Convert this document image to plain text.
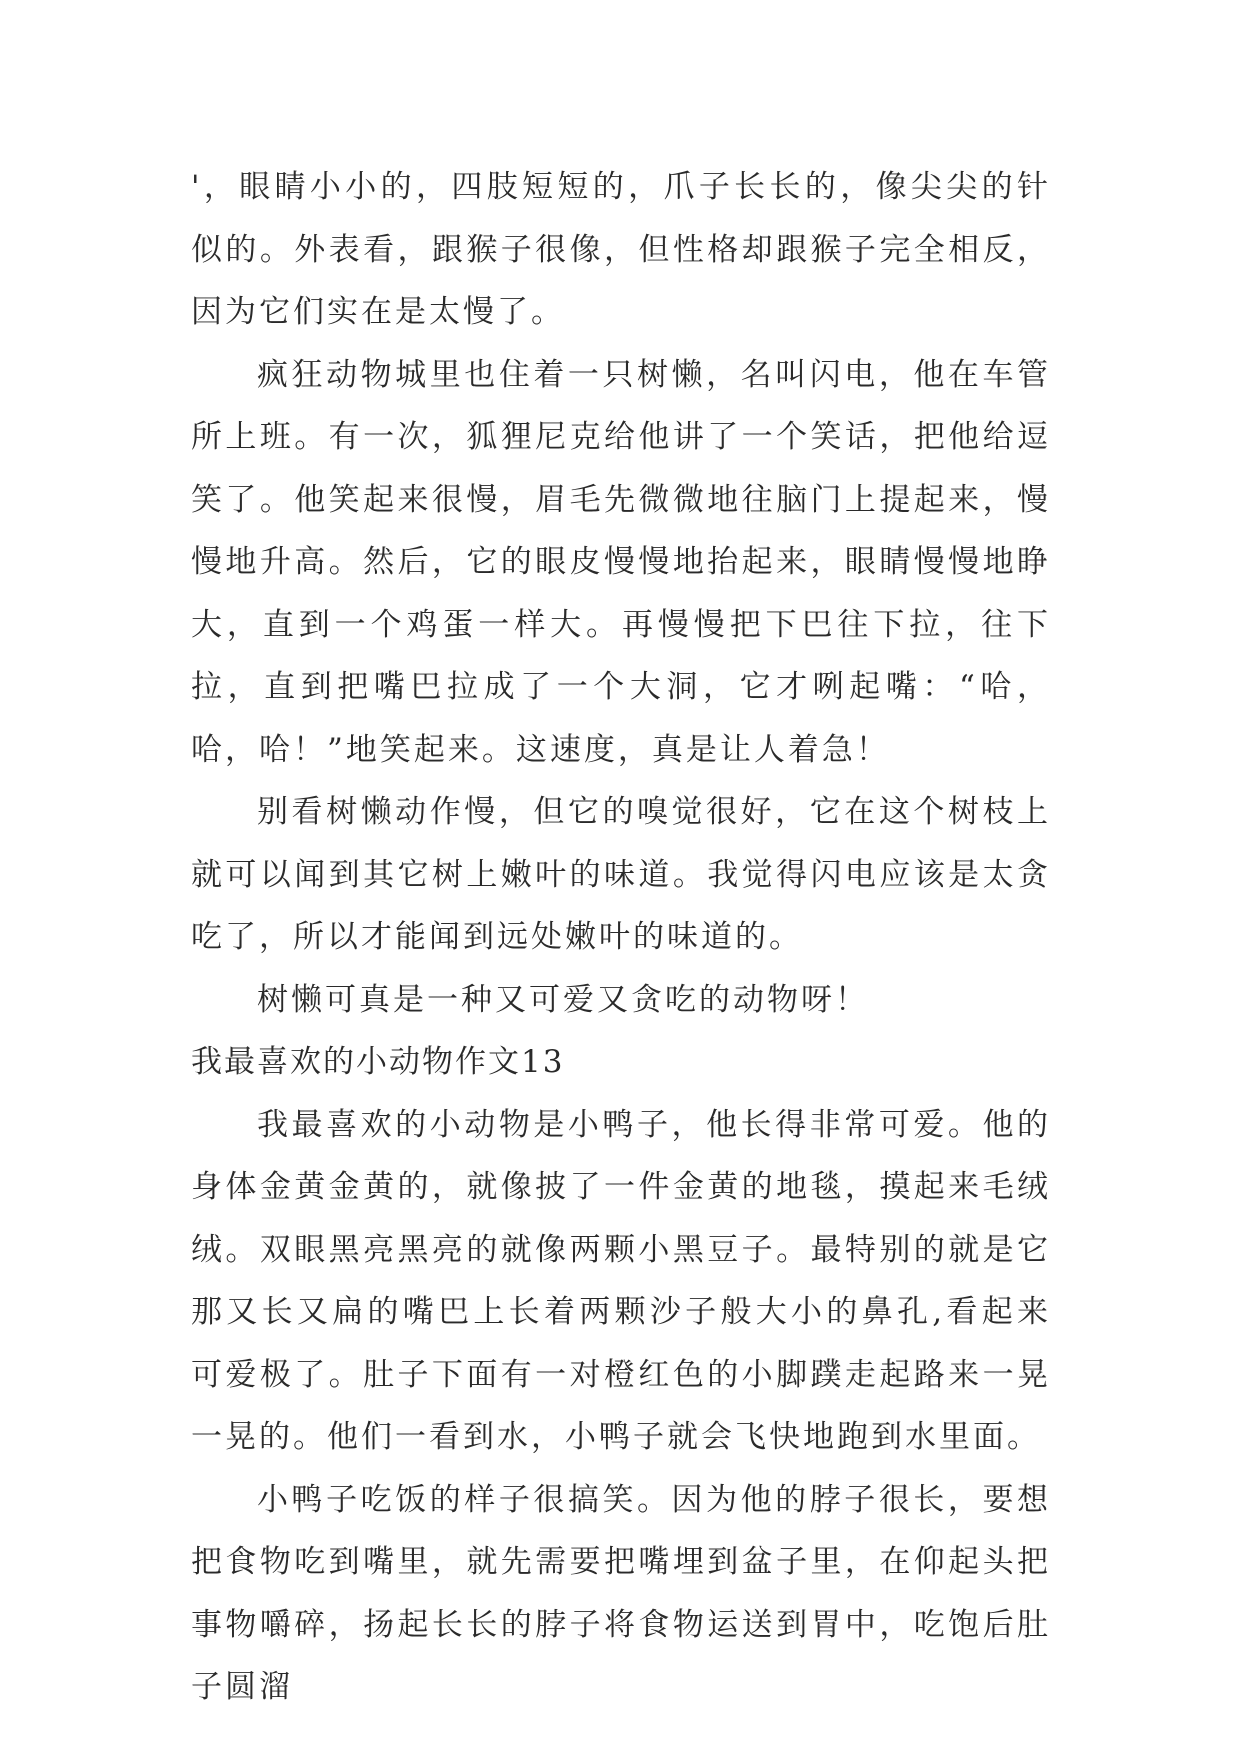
'，眼睛小小的，四肢短短的，爪子长长的，像尖尖的针似的。外表看，跟猴子很像，但性格却跟猴子完全相反，因为它们实在是太慢了。

疯狂动物城里也住着一只树懒，名叫闪电，他在车管所上班。有一次，狐狸尼克给他讲了一个笑话，把他给逗笑了。他笑起来很慢，眉毛先微微地往脑门上提起来，慢慢地升高。然后，它的眼皮慢慢地抬起来，眼睛慢慢地睁大，直到一个鸡蛋一样大。再慢慢把下巴往下拉，往下拉，直到把嘴巴拉成了一个大洞，它才咧起嘴：“哈，哈，哈！”地笑起来。这速度，真是让人着急！

别看树懒动作慢，但它的嗅觉很好，它在这个树枝上就可以闻到其它树上嫩叶的味道。我觉得闪电应该是太贪吃了，所以才能闻到远处嫩叶的味道的。

树懒可真是一种又可爱又贪吃的动物呀！

我最喜欢的小动物作文13

我最喜欢的小动物是小鸭子，他长得非常可爱。他的身体金黄金黄的，就像披了一件金黄的地毯，摸起来毛绒绒。双眼黑亮黑亮的就像两颗小黑豆子。最特别的就是它那又长又扁的嘴巴上长着两颗沙子般大小的鼻孔,看起来可爱极了。肚子下面有一对橙红色的小脚蹼走起路来一晃一晃的。他们一看到水，小鸭子就会飞快地跑到水里面。

小鸭子吃饭的样子很搞笑。因为他的脖子很长，要想把食物吃到嘴里，就先需要把嘴埋到盆子里，在仰起头把事物嚼碎，扬起长长的脖子将食物运送到胃中，吃饱后肚子圆溜
